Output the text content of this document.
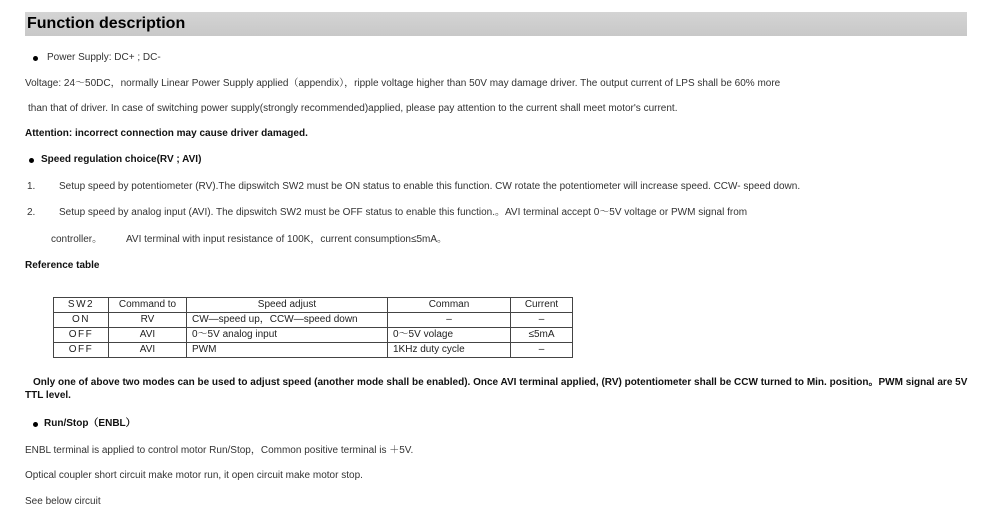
Function description
Power Supply: DC+ ; DC-
Voltage: 24～50DC，normally Linear Power Supply applied（appendix），ripple voltage higher than 50V may damage driver. The output current of LPS shall be 60% more
than that of driver. In case of switching power supply(strongly recommended)applied, please pay attention to the current shall meet motor's current.
Attention: incorrect connection may cause driver damaged.
Speed regulation choice(RV ; AVI)
1. Setup speed by potentiometer (RV).The dipswitch SW2 must be ON status to enable this function. CW rotate the potentiometer will increase speed. CCW- speed down.
2. Setup speed by analog input (AVI). The dipswitch SW2 must be OFF status to enable this function.。AVI terminal accept 0～5V voltage or PWM signal from
controller。 AVI terminal with input resistance of 100K，current consumption≤5mA。
Reference table
SW2	Command to	Speed adjust	Comman	Current
ON	RV	CW—speed up，CCW—speed down	–	–
OFF	AVI	0～5V analog input	0～5V volage	≤5mA
OFF	AVI	PWM	1KHz duty cycle	–
Only one of above two modes can be used to adjust speed (another mode shall be enabled). Once AVI terminal applied, (RV) potentiometer shall be CCW turned to Min. position。PWM signal are 5V TTL level.
Run/Stop（ENBL）
ENBL terminal is applied to control motor Run/Stop，Common positive terminal is ＋5V.
Optical coupler short circuit make motor run, it open circuit make motor stop.
See below circuit
